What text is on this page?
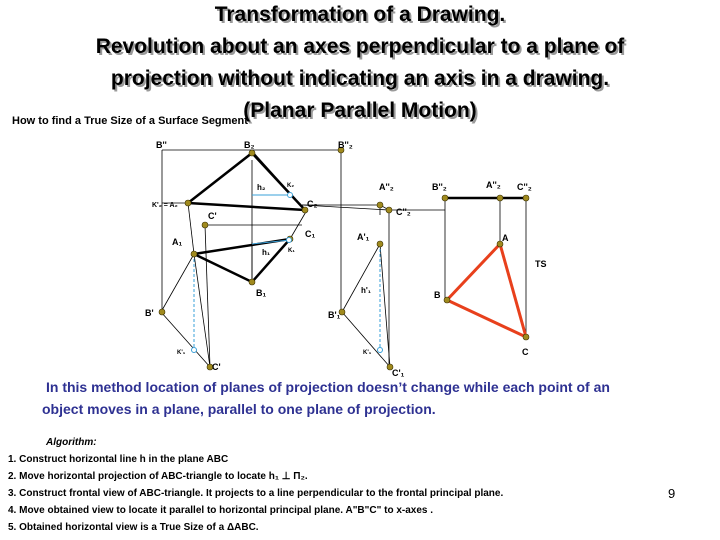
Transformation of a Drawing.
Revolution about an axes perpendicular to a plane of
projection without indicating an axis in a drawing.
(Planar Parallel Motion)
How to find a True Size of a Surface Segment
B''	B₂	B''₂
K'₂ = A₂
h₂	K₂
C₂
C'
A''₂
C''₂
A₁
C₁
h₁	K₁
A'₁
B₁	h'₁
B'	B'₁
K'₁	K'₁
C'
C'₁
B''₂	A''₂ C''₂
A
TS
B
C
In this method location of planes of projection doesn’t change while each point of an
object moves in a plane, parallel to one plane of projection.
Algorithm:
1. Construct horizontal line h in the plane ABC
2. Move horizontal projection of ABC-triangle to locate h₁ ⊥ Π₂.
3. Construct frontal view of ABC-triangle. It projects to a line perpendicular to the frontal principal plane.
4. Move obtained view to locate it parallel to horizontal principal plane. A"B"C" to x-axes .
5. Obtained horizontal view is a True Size of a ΔABC.
9
